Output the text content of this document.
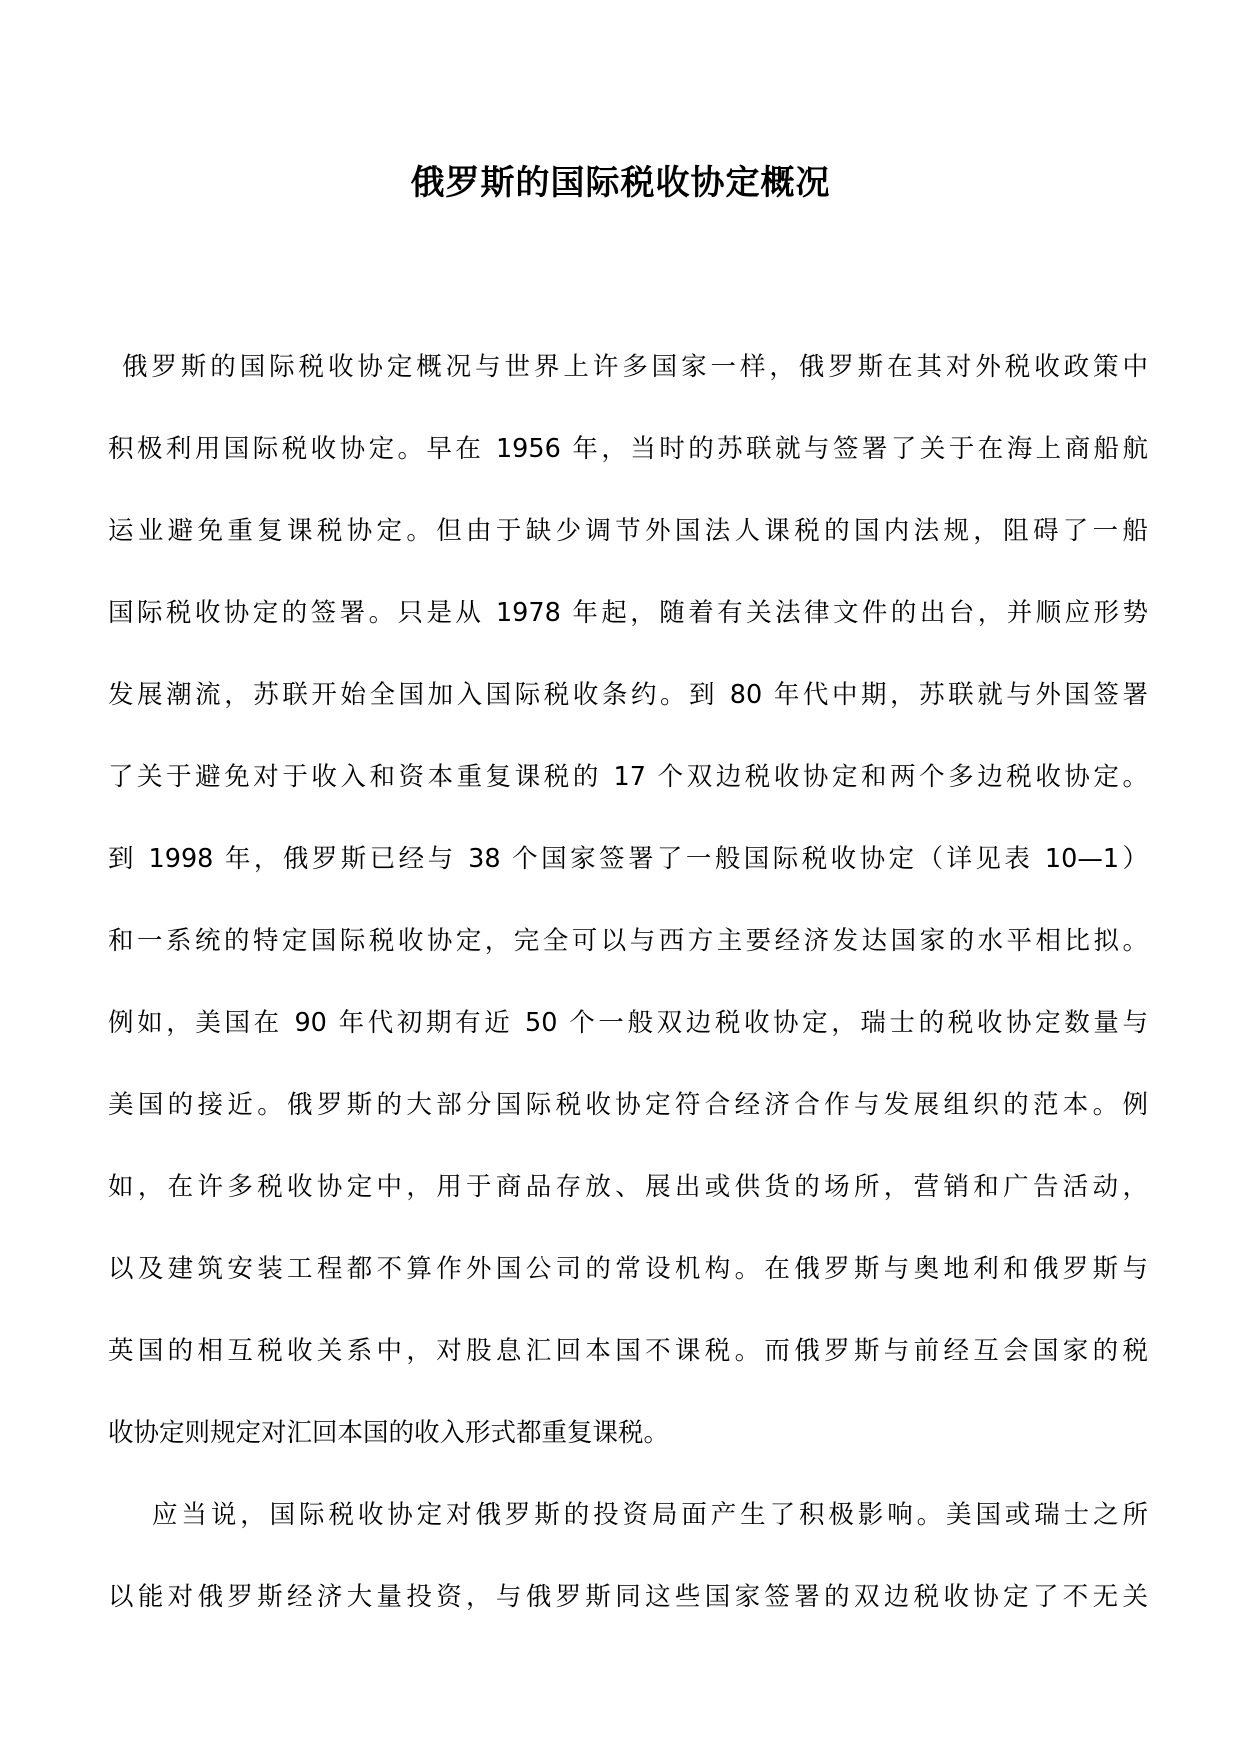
俄罗斯的国际税收协定概况
俄罗斯的国际税收协定概况与世界上许多国家一样，俄罗斯在其对外税收政策中
积极利用国际税收协定。早在 1956 年，当时的苏联就与签署了关于在海上商船航
运业避免重复课税协定。但由于缺少调节外国法人课税的国内法规，阻碍了一船
国际税收协定的签署。只是从 1978 年起，随着有关法律文件的出台，并顺应形势
发展潮流，苏联开始全国加入国际税收条约。到 80 年代中期，苏联就与外国签署
了关于避免对于收入和资本重复课税的 17 个双边税收协定和两个多边税收协定。
到 1998 年，俄罗斯已经与 38 个国家签署了一般国际税收协定（详见表 10—1）
和一系统的特定国际税收协定，完全可以与西方主要经济发达国家的水平相比拟。
例如，美国在 90 年代初期有近 50 个一般双边税收协定，瑞士的税收协定数量与
美国的接近。俄罗斯的大部分国际税收协定符合经济合作与发展组织的范本。例
如，在许多税收协定中，用于商品存放、展出或供货的场所，营销和广告活动，
以及建筑安装工程都不算作外国公司的常设机构。在俄罗斯与奥地利和俄罗斯与
英国的相互税收关系中，对股息汇回本国不课税。而俄罗斯与前经互会国家的税
收协定则规定对汇回本国的收入形式都重复课税。
应当说，国际税收协定对俄罗斯的投资局面产生了积极影响。美国或瑞士之所
以能对俄罗斯经济大量投资，与俄罗斯同这些国家签署的双边税收协定了不无关
